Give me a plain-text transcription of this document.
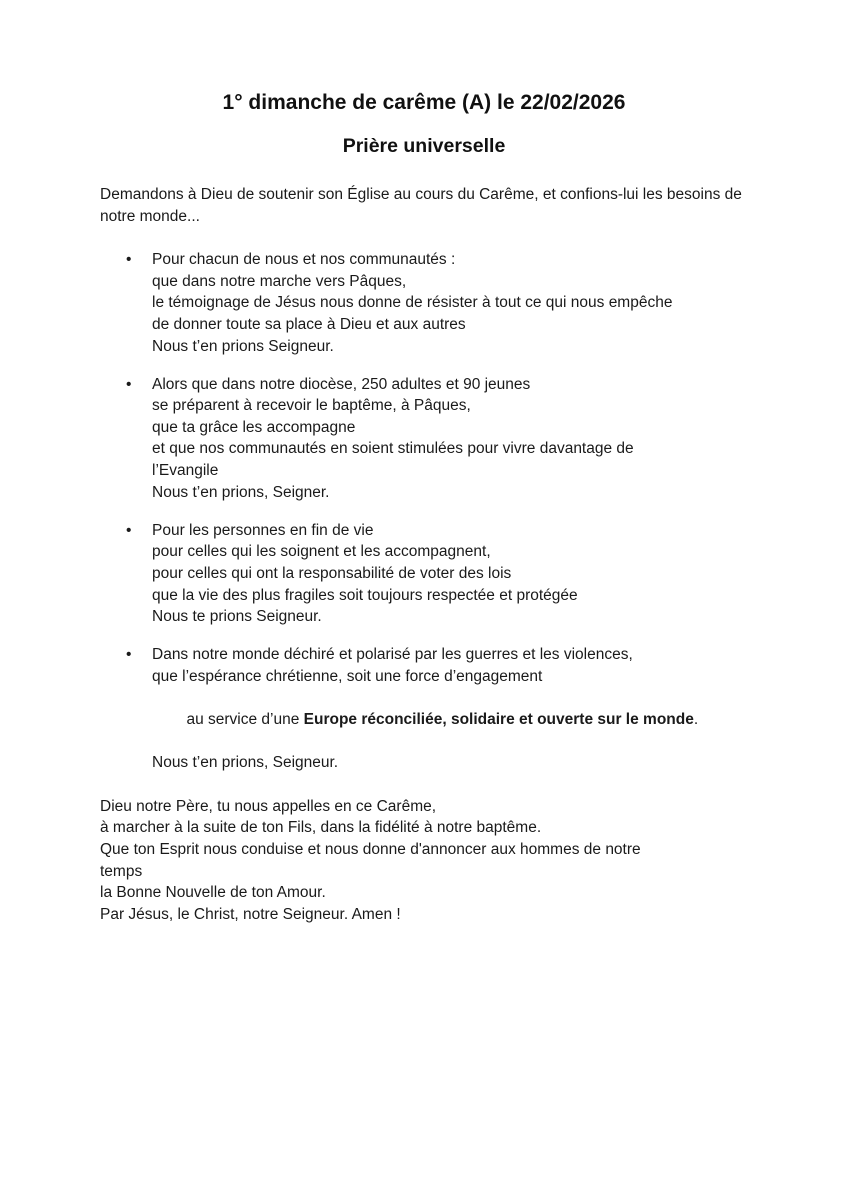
1° dimanche de carême (A) le 22/02/2026
Prière universelle

Demandons à Dieu de soutenir son Église au cours du Carême, et confions-lui les besoins de notre monde...

• Pour chacun de nous et nos communautés :
que dans notre marche vers Pâques,
le témoignage de Jésus nous donne de résister à tout ce qui nous empêche
de donner toute sa place à Dieu et aux autres
Nous t’en prions Seigneur.
• Alors que dans notre diocèse, 250 adultes et 90 jeunes
se préparent à recevoir le baptême, à Pâques,
que ta grâce les accompagne
et que nos communautés en soient stimulées pour vivre davantage de
l’Evangile
Nous t’en prions, Seigner.
• Pour les personnes en fin de vie
pour celles qui les soignent et les accompagnent,
pour celles qui ont la responsabilité de voter des lois
que la vie des plus fragiles soit toujours respectée et protégée
Nous te prions Seigneur.
• Dans notre monde déchiré et polarisé par les guerres et les violences,
que l’espérance chrétienne, soit une force d’engagement

au service d’une Europe réconciliée, solidaire et ouverte sur le monde.

Nous t’en prions, Seigneur.
Dieu notre Père, tu nous appelles en ce Carême,
à marcher à la suite de ton Fils, dans la fidélité à notre baptême.
Que ton Esprit nous conduise et nous donne d'annoncer aux hommes de notre
temps
la Bonne Nouvelle de ton Amour.
Par Jésus, le Christ, notre Seigneur. Amen !
